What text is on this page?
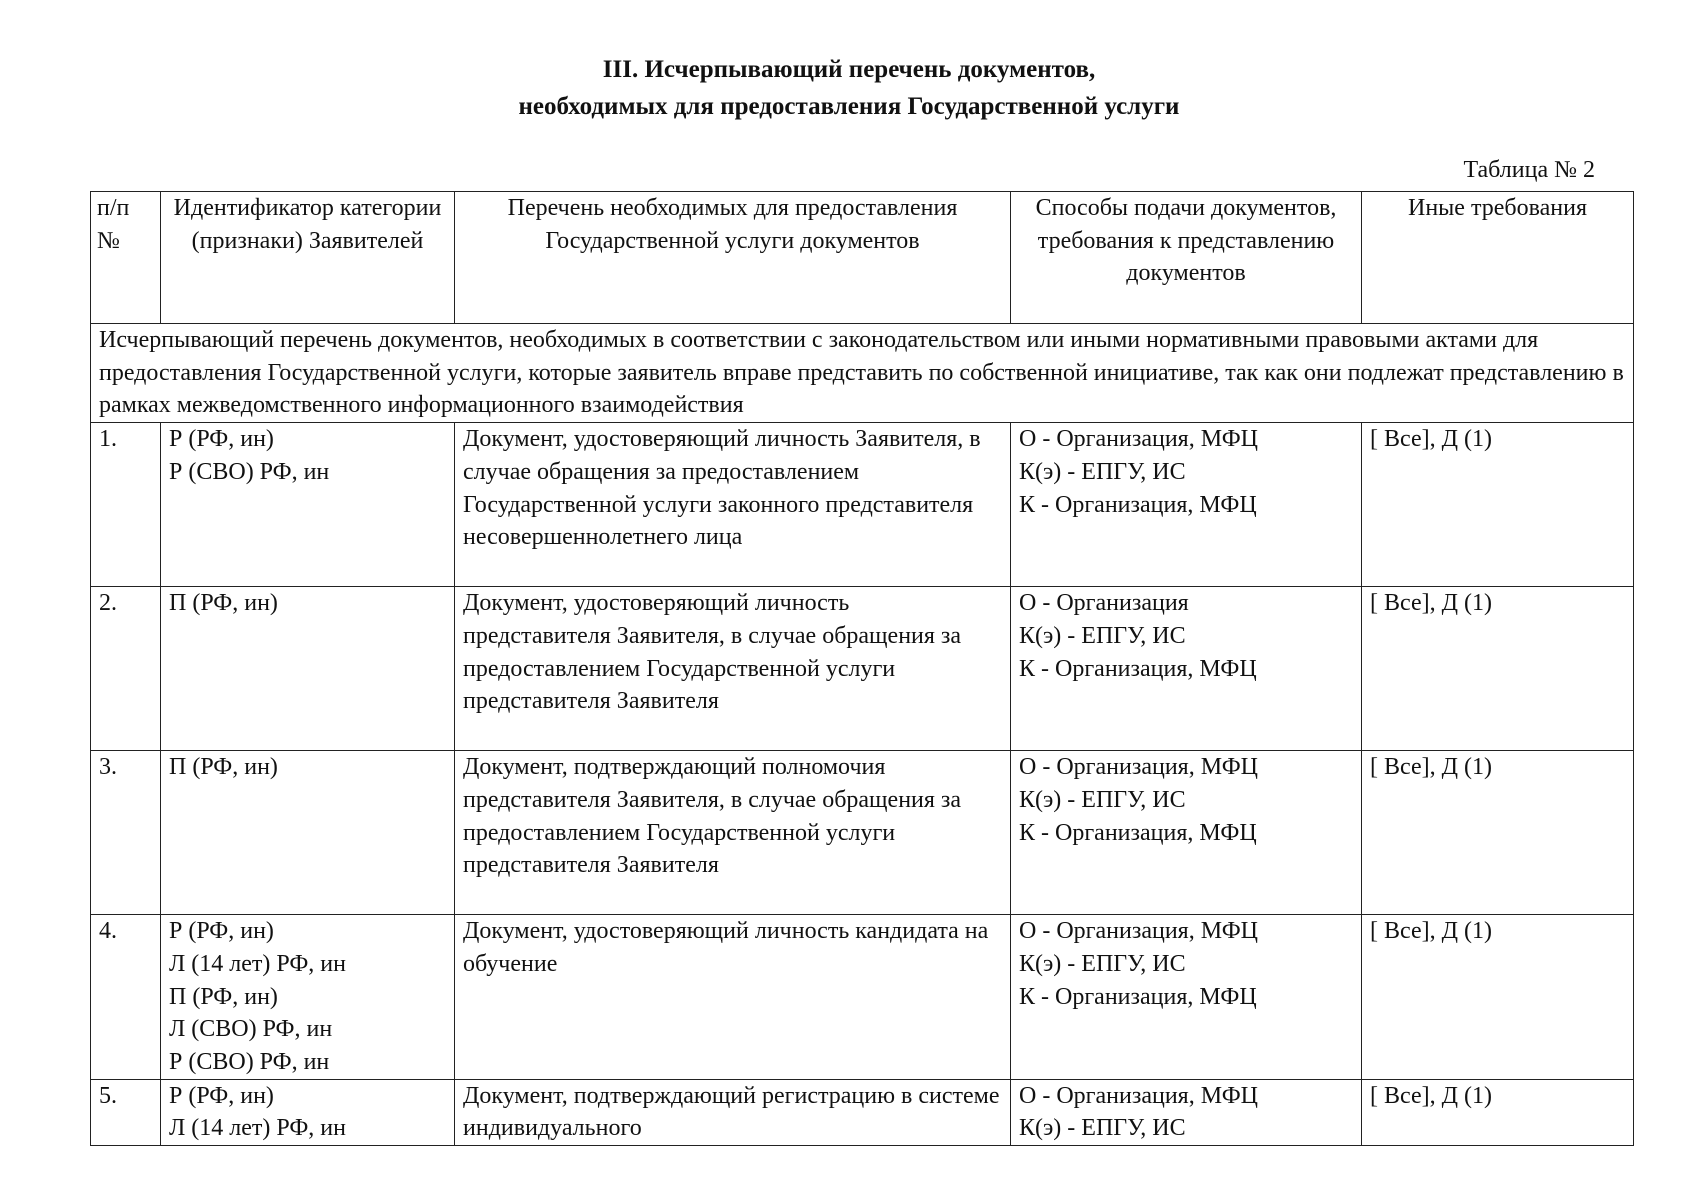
III. Исчерпывающий перечень документов,
необходимых для предоставления Государственной услуги
Таблица № 2
п/п
№	Идентификатор категории (признаки) Заявителей	Перечень необходимых для предоставления Государственной услуги документов	Способы подачи документов, требования к представлению документов	Иные требования
Исчерпывающий перечень документов, необходимых в соответствии с законодательством или иными нормативными правовыми актами для предоставления Государственной услуги, которые заявитель вправе представить по собственной инициативе, так как они подлежат представлению в рамках межведомственного информационного взаимодействия				
1.	Р (РФ, ин)
Р (СВО) РФ, ин	Документ, удостоверяющий личность Заявителя, в случае обращения за предоставлением Государственной услуги законного представителя несовершеннолетнего лица	О - Организация, МФЦ
К(э) - ЕПГУ, ИС
К - Организация, МФЦ	[ Все], Д (1)
2.	П (РФ, ин)	Документ, удостоверяющий личность представителя Заявителя, в случае обращения за предоставлением Государственной услуги представителя Заявителя	О - Организация
К(э) - ЕПГУ, ИС
К - Организация, МФЦ	[ Все], Д (1)
3.	П (РФ, ин)	Документ, подтверждающий полномочия представителя Заявителя, в случае обращения за предоставлением Государственной услуги представителя Заявителя	О - Организация, МФЦ
К(э) - ЕПГУ, ИС
К - Организация, МФЦ	[ Все], Д (1)
4.	Р (РФ, ин)
Л (14 лет) РФ, ин
П (РФ, ин)
Л (СВО) РФ, ин
Р (СВО) РФ, ин	Документ, удостоверяющий личность кандидата на обучение	О - Организация, МФЦ
К(э) - ЕПГУ, ИС
К - Организация, МФЦ	[ Все], Д (1)
5.	Р (РФ, ин)
Л (14 лет) РФ, ин	Документ, подтверждающий регистрацию в системе индивидуального	О - Организация, МФЦ
К(э) - ЕПГУ, ИС	[ Все], Д (1)
